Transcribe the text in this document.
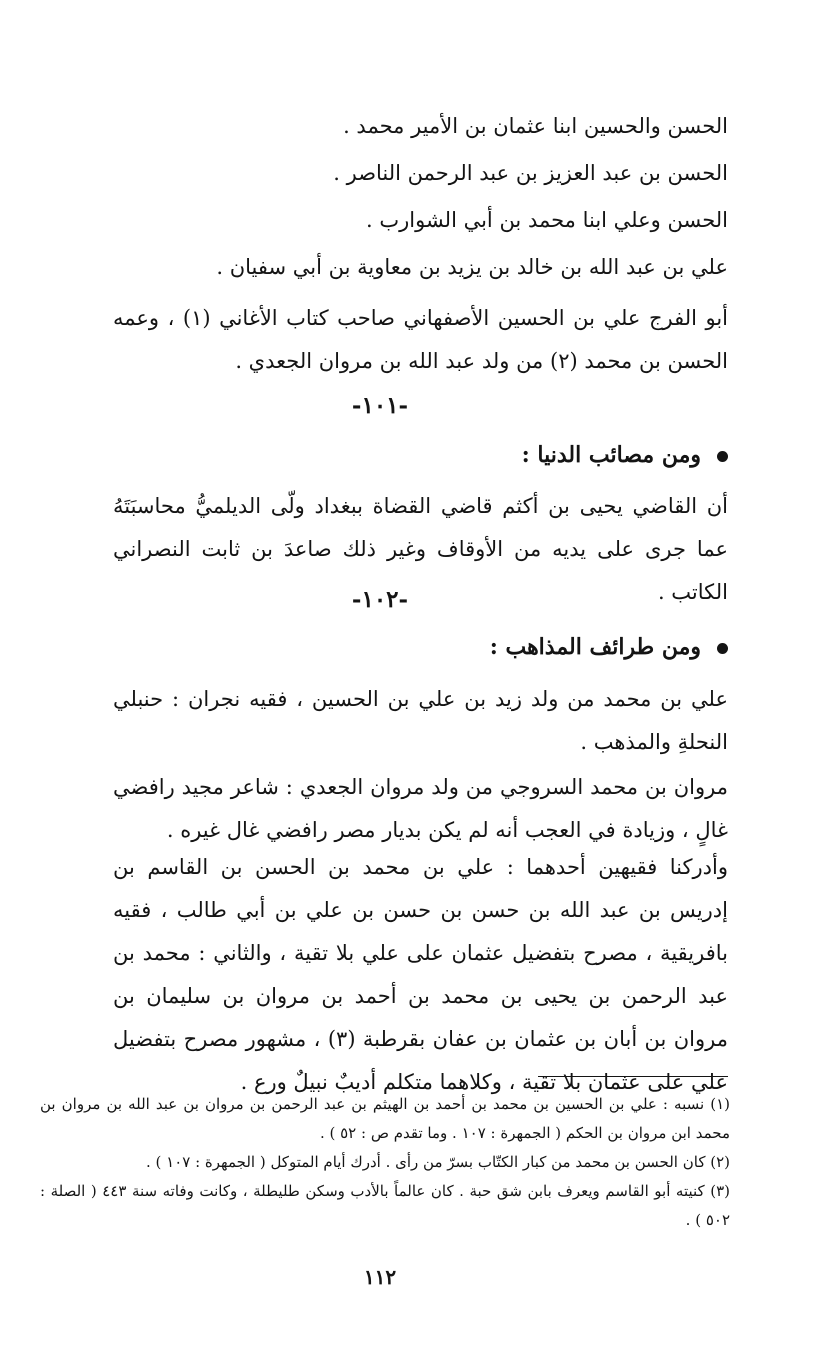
الحسن والحسين ابنا عثمان بن الأمير محمد .
الحسن بن عبد العزيز بن عبد الرحمن الناصر .
الحسن وعلي ابنا محمد بن أبي الشوارب .
علي بن عبد الله بن خالد بن يزيد بن معاوية بن أبي سفيان .
أبو الفرج علي بن الحسين الأصفهاني صاحب كتاب الأغاني (١) ، وعمه الحسن بن محمد (٢) من ولد عبد الله بن مروان الجعدي .
-١٠١-
ومن مصائب الدنيا :
أن القاضي يحيى بن أكثم قاضي القضاة ببغداد ولّى الديلميُّ محاسبَتَهُ عما جرى على يديه من الأوقاف وغير ذلك صاعدَ بن ثابت النصراني الكاتب .
-١٠٢-
ومن طرائف المذاهب :
علي بن محمد من ولد زيد بن علي بن الحسين ، فقيه نجران : حنبلي النحلةِ والمذهب .
مروان بن محمد السروجي من ولد مروان الجعدي : شاعر مجيد رافضي غالٍ ، وزيادة في العجب أنه لم يكن بديار مصر رافضي غال غيره .
وأدركنا فقيهين أحدهما : علي بن محمد بن الحسن بن القاسم بن إدريس بن عبد الله بن حسن بن حسن بن علي بن أبي طالب ، فقيه بافريقية ، مصرح بتفضيل عثمان على علي بلا تقية ، والثاني : محمد بن عبد الرحمن بن يحيى بن محمد بن أحمد بن مروان بن سليمان بن مروان بن أبان بن عثمان بن عفان بقرطبة (٣) ، مشهور مصرح بتفضيل علي على عثمان بلا تقية ، وكلاهما متكلم أديبٌ نبيلٌ ورع .
(١) نسبه : علي بن الحسين بن محمد بن أحمد بن الهيثم بن عبد الرحمن بن مروان بن عبد الله بن مروان بن محمد ابن مروان بن الحكم ( الجمهرة : ١٠٧ . وما تقدم ص : ٥٢ ) .
(٢) كان الحسن بن محمد من كبار الكتّاب بسرّ من رأى . أدرك أيام المتوكل ( الجمهرة : ١٠٧ ) .
(٣) كنيته أبو القاسم ويعرف بابن شق حبة . كان عالماً بالأدب وسكن طليطلة ، وكانت وفاته سنة ٤٤٣ ( الصلة : ٥٠٢ ) .
١١٢
